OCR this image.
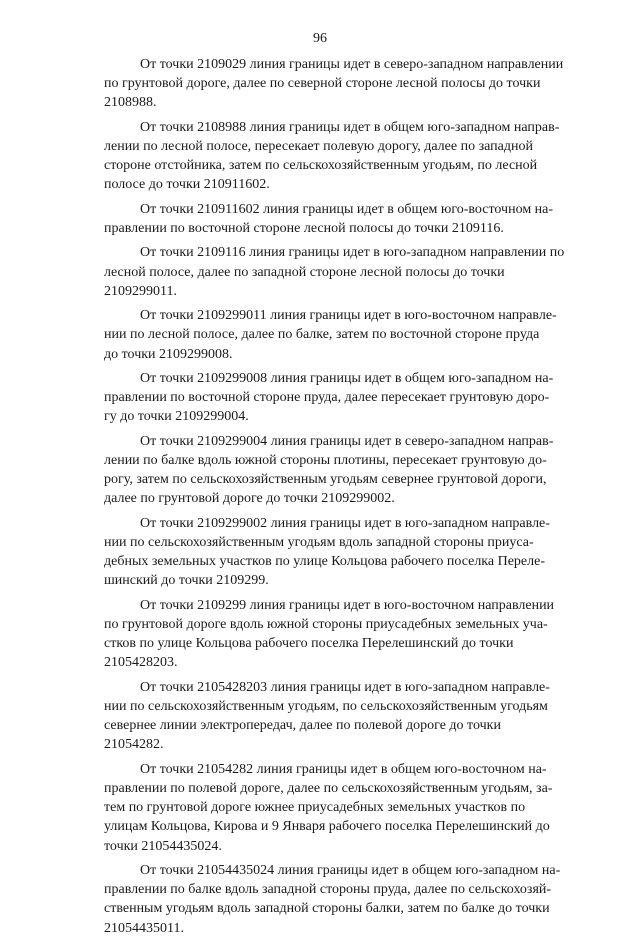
96

От точки 2109029 линия границы идет в северо-западном направлении
по грунтовой дороге, далее по северной стороне лесной полосы до точки
2108988.

От точки 2108988 линия границы идет в общем юго-западном направ-
лении по лесной полосе, пересекает полевую дорогу, далее по западной
стороне отстойника, затем по сельскохозяйственным угодьям, по лесной
полосе до точки 210911602.

От точки 210911602 линия границы идет в общем юго-восточном на-
правлении по восточной стороне лесной полосы до точки 2109116.

От точки 2109116 линия границы идет в юго-западном направлении по
лесной полосе, далее по западной стороне лесной полосы до точки
2109299011.

От точки 2109299011 линия границы идет в юго-восточном направле-
нии по лесной полосе, далее по балке, затем по восточной стороне пруда
до точки 2109299008.

От точки 2109299008 линия границы идет в общем юго-западном на-
правлении по восточной стороне пруда, далее пересекает грунтовую доро-
гу до точки 2109299004.

От точки 2109299004 линия границы идет в северо-западном направ-
лении по балке вдоль южной стороны плотины, пересекает грунтовую до-
рогу, затем по сельскохозяйственным угодьям севернее грунтовой дороги,
далее по грунтовой дороге до точки 2109299002.

От точки 2109299002 линия границы идет в юго-западном направле-
нии по сельскохозяйственным угодьям вдоль западной стороны приуса-
дебных земельных участков по улице Кольцова рабочего поселка Переле-
шинский до точки 2109299.

От точки 2109299 линия границы идет в юго-восточном направлении
по грунтовой дороге вдоль южной стороны приусадебных земельных уча-
стков по улице Кольцова рабочего поселка Перелешинский до точки
2105428203.

От точки 2105428203 линия границы идет в юго-западном направле-
нии по сельскохозяйственным угодьям, по сельскохозяйственным угодьям
севернее линии электропередач, далее по полевой дороге до точки
21054282.

От точки 21054282 линия границы идет в общем юго-восточном на-
правлении по полевой дороге, далее по сельскохозяйственным угодьям, за-
тем по грунтовой дороге южнее приусадебных земельных участков по
улицам Кольцова, Кирова и 9 Января рабочего поселка Перелешинский до
точки 21054435024.

От точки 21054435024 линия границы идет в общем юго-западном на-
правлении по балке вдоль западной стороны пруда, далее по сельскохозяй-
ственным угодьям вдоль западной стороны балки, затем по балке до точки
21054435011.
